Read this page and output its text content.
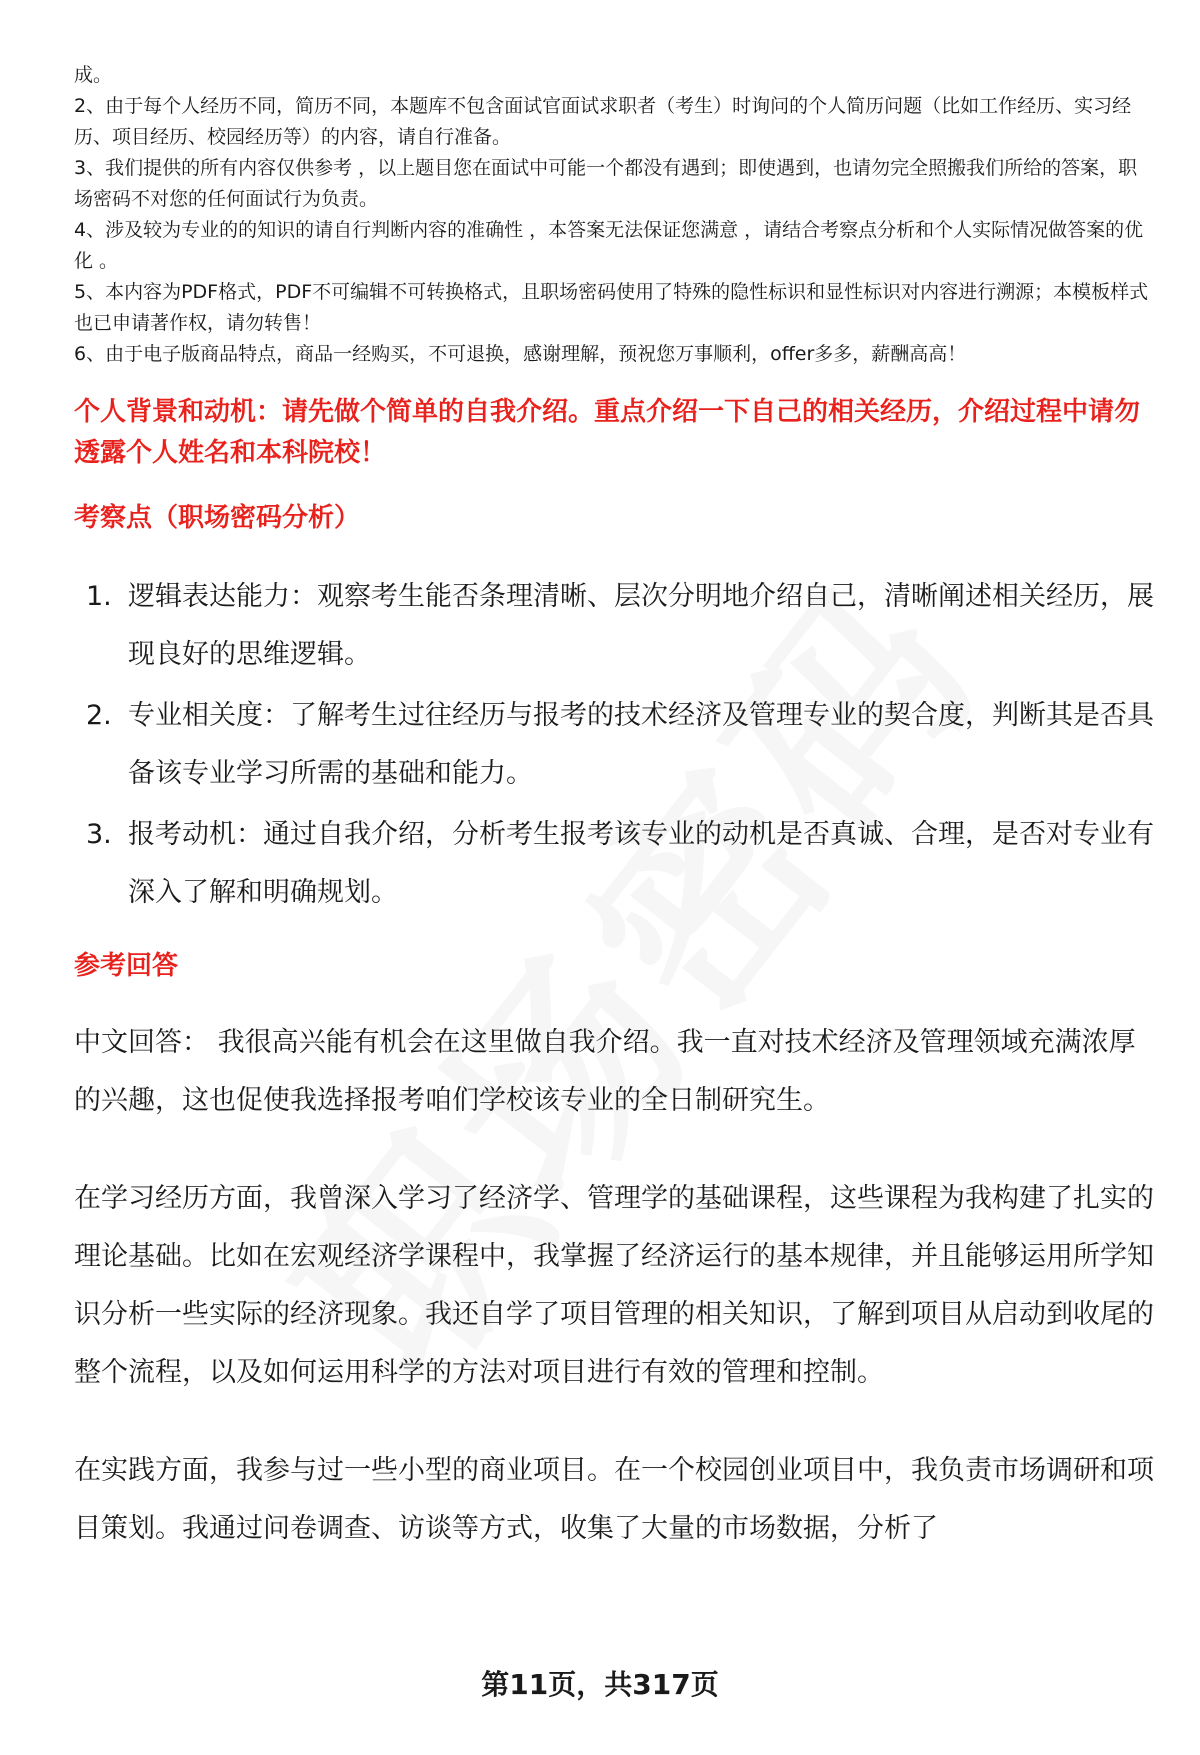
成。

2、由于每个人经历不同，简历不同，本题库不包含面试官面试求职者（考生）时询问的个人简历问题（比如工作经历、实习经历、项目经历、校园经历等）的内容，请自行准备。

3、我们提供的所有内容仅供参考 ，以上题目您在面试中可能一个都没有遇到；即使遇到，也请勿完全照搬我们所给的答案，职场密码不对您的任何面试行为负责。

4、涉及较为专业的的知识的请自行判断内容的准确性 ，本答案无法保证您满意 ，请结合考察点分析和个人实际情况做答案的优化 。

5、本内容为PDF格式，PDF不可编辑不可转换格式，且职场密码使用了特殊的隐性标识和显性标识对内容进行溯源；本模板样式也已申请著作权，请勿转售！

6、由于电子版商品特点，商品一经购买，不可退换，感谢理解，预祝您万事顺利，offer多多，薪酬高高！

个人背景和动机：请先做个简单的自我介绍。重点介绍一下自己的相关经历，介绍过程中请勿透露个人姓名和本科院校！
考察点（职场密码分析）
1. 逻辑表达能力：观察考生能否条理清晰、层次分明地介绍自己，清晰阐述相关经历，展现良好的思维逻辑。
2. 专业相关度：了解考生过往经历与报考的技术经济及管理专业的契合度，判断其是否具备该专业学习所需的基础和能力。
3. 报考动机：通过自我介绍，分析考生报考该专业的动机是否真诚、合理，是否对专业有深入了解和明确规划。
参考回答

中文回答： 我很高兴能有机会在这里做自我介绍。我一直对技术经济及管理领域充满浓厚的兴趣，这也促使我选择报考咱们学校该专业的全日制研究生。

在学习经历方面，我曾深入学习了经济学、管理学的基础课程，这些课程为我构建了扎实的理论基础。比如在宏观经济学课程中，我掌握了经济运行的基本规律，并且能够运用所学知识分析一些实际的经济现象。我还自学了项目管理的相关知识，了解到项目从启动到收尾的整个流程，以及如何运用科学的方法对项目进行有效的管理和控制。

在实践方面，我参与过一些小型的商业项目。在一个校园创业项目中，我负责市场调研和项目策划。我通过问卷调查、访谈等方式，收集了大量的市场数据，分析了

第11页，共317页
